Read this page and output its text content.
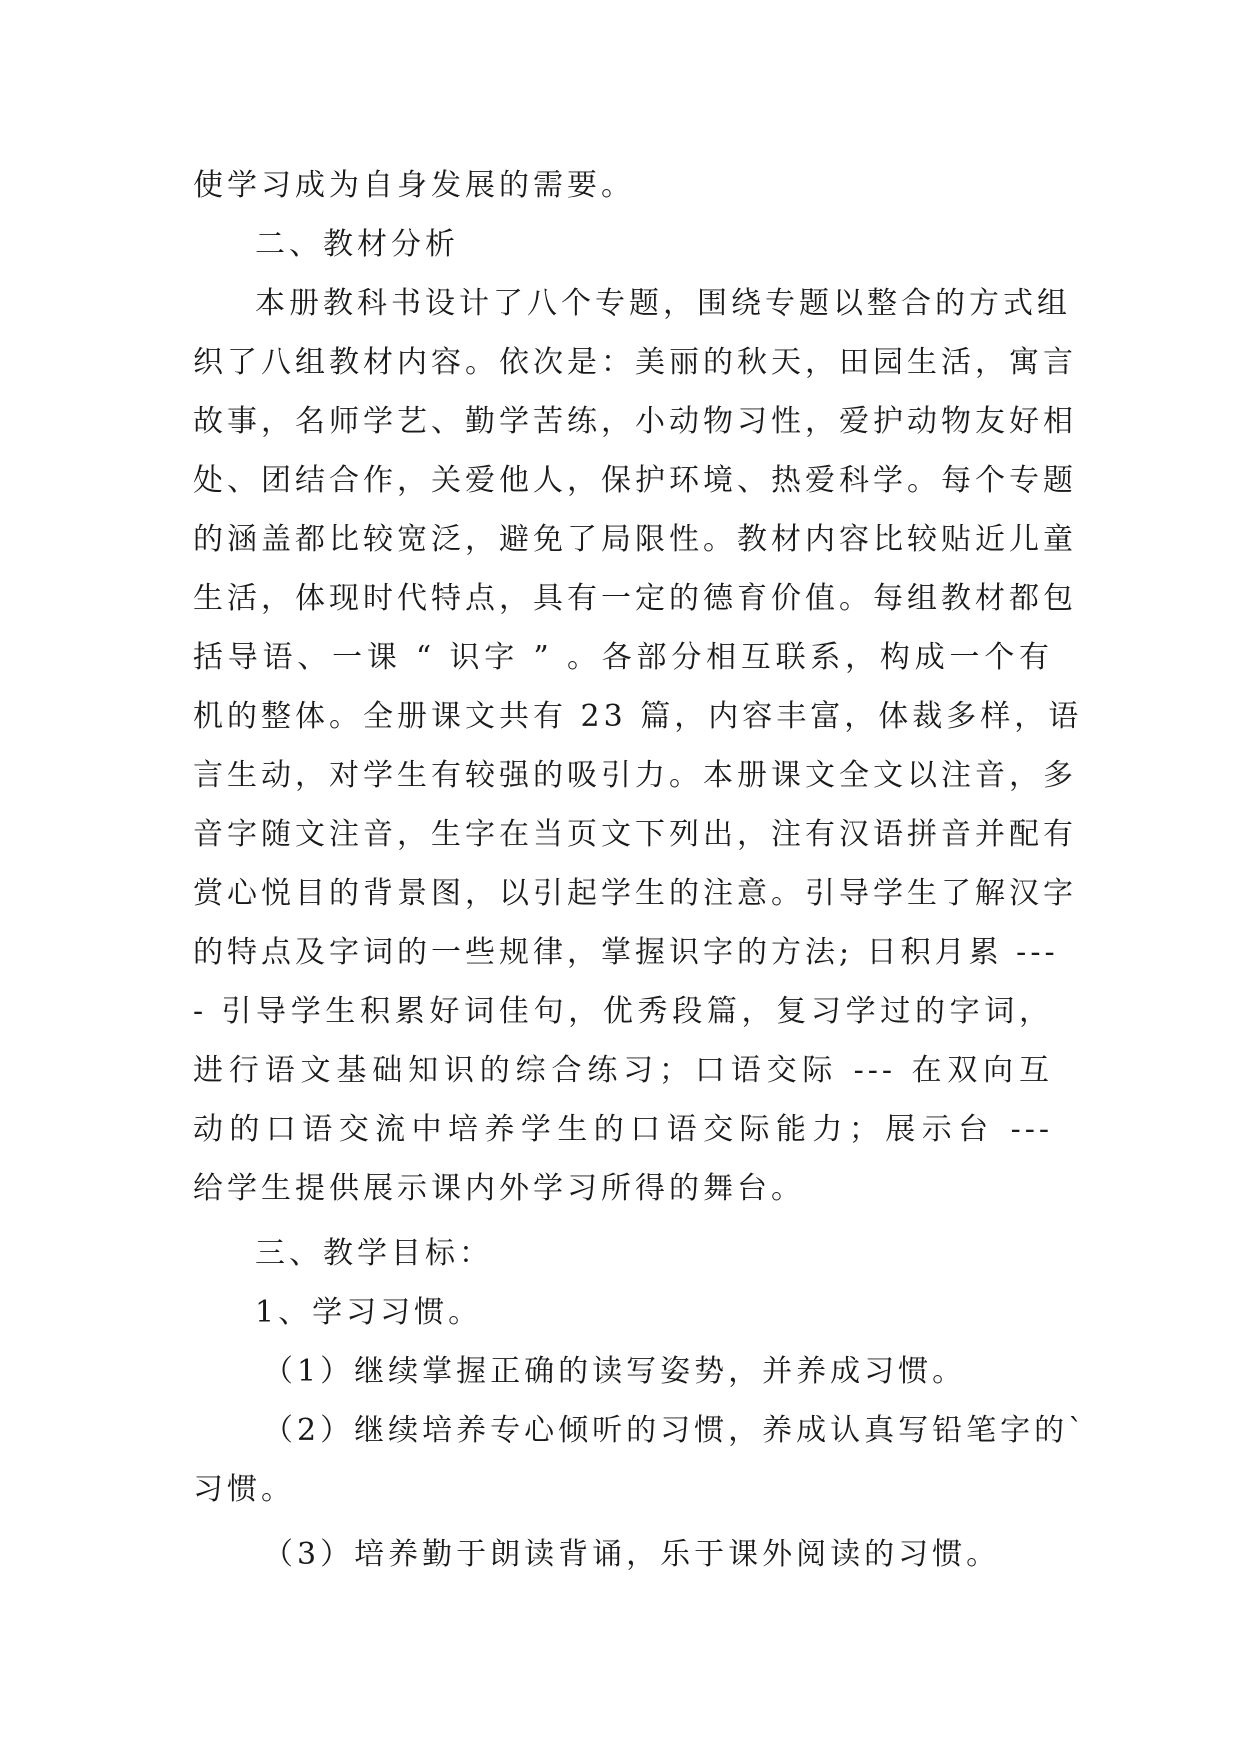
使学习成为自身发展的需要。
二、教材分析
本册教科书设计了八个专题，围绕专题以整合的方式组
织了八组教材内容。依次是：美丽的秋天，田园生活，寓言
故事，名师学艺、勤学苦练，小动物习性，爱护动物友好相
处、团结合作，关爱他人，保护环境、热爱科学。每个专题
的涵盖都比较宽泛，避免了局限性。教材内容比较贴近儿童
生活，体现时代特点，具有一定的德育价值。每组教材都包
括导语、一课 “ 识字 ” 。各部分相互联系，构成一个有
机的整体。全册课文共有 23 篇，内容丰富，体裁多样，语
言生动，对学生有较强的吸引力。本册课文全文以注音，多
音字随文注音，生字在当页文下列出，注有汉语拼音并配有
赏心悦目的背景图，以引起学生的注意。引导学生了解汉字
的特点及字词的一些规律，掌握识字的方法; 日积月累 ---
- 引导学生积累好词佳句，优秀段篇，复习学过的字词，
进行语文基础知识的综合练习；口语交际 --- 在双向互
动的口语交流中培养学生的口语交际能力；展示台 ---
给学生提供展示课内外学习所得的舞台。
三、教学目标：
1、学习习惯。
（1）继续掌握正确的读写姿势，并养成习惯。
（2）继续培养专心倾听的习惯，养成认真写铅笔字的`
习惯。
（3）培养勤于朗读背诵，乐于课外阅读的习惯。
